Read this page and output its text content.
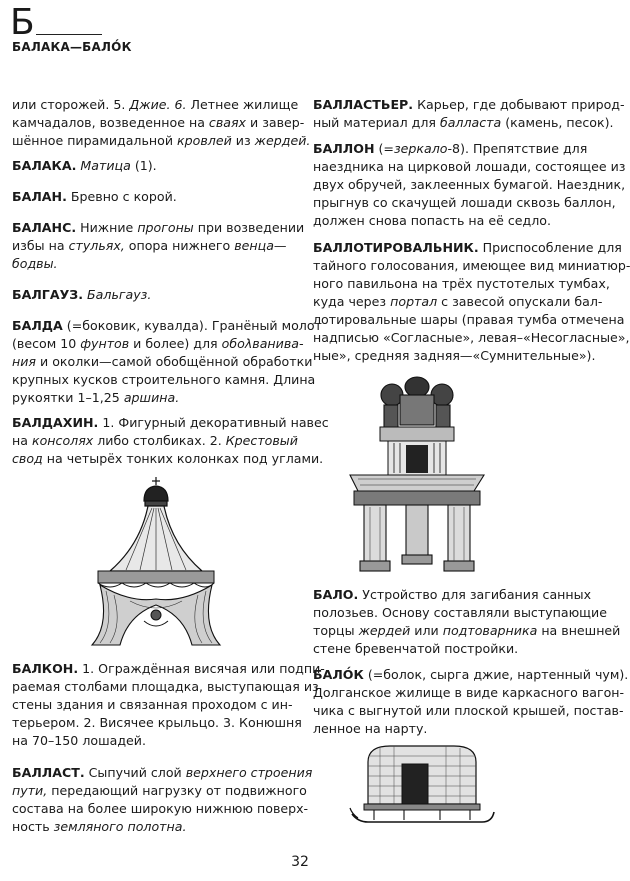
Б
БАЛАКА—БАЛО́К
или сторожей. 5. Джие. 6. Летнее жилище
камчадалов, возведенное на сваях и завер-
шённое пирамидальной кровлей из жердей.
БАЛАКА. Матица (1).
БАЛАН. Бревно с корой.
БАЛАНС. Нижние прогоны при возведении
избы на стульях, опора нижнего венца—
бодвы.
БАЛГАУЗ. Бальгауз.
БАЛДА (=боковик, кувалда). Гранёный молот
(весом 10 фунтов и более) для обολванива-
ния и околки—самой обобщённой обработки
крупных кусков строительного камня. Длина
рукоятки 1–1,25 аршина.
БАЛДАХИН. 1. Фигурный декоративный навес
на консолях либо столбиках. 2. Крестовый
свод на четырёх тонких колонках под углами.
БАЛКОН. 1. Ограждённая висячая или подпи-
раемая столбами площадка, выступающая из
стены здания и связанная проходом с ин-
терьером. 2. Висячее крыльцо. 3. Конюшня
на 70–150 лошадей.
БАЛЛАСТ. Сыпучий слой верхнего строения
пути, передающий нагрузку от подвижного
состава на более широкую нижнюю поверх-
ность земляного полотна.
БАЛЛАСТЬЕР. Карьер, где добывают природ-
ный материал для балласта (камень, песок).
БАЛЛОН (=зеркало-8). Препятствие для
наездника на цирковой лошади, состоящее из
двух обручей, заклеенных бумагой. Наездник,
прыгнув со скачущей лошади сквозь баллон,
должен снова попасть на её седло.
БАЛЛОТИРОВАЛЬНИК. Приспособление для
тайного голосования, имеющее вид миниатюр-
ного павильона на трёх пустотелых тумбах,
куда через портал с завесой опускали бал-
лотировальные шары (правая тумба отмечена
надписью «Согласные», левая–«Несогласные»,
ные», средняя задняя—«Сумнительные»).
БАЛО. Устройство для загибания санных
полозьев. Основу составляли выступающие
торцы жердей или подтоварника на внешней
стене бревенчатой постройки.
БАЛО́К (=болок, сырга джие, нартенный чум).
Долганское жилище в виде каркасного вагон-
чика с выгнутой или плоской крышей, постав-
ленное на нарту.
32
